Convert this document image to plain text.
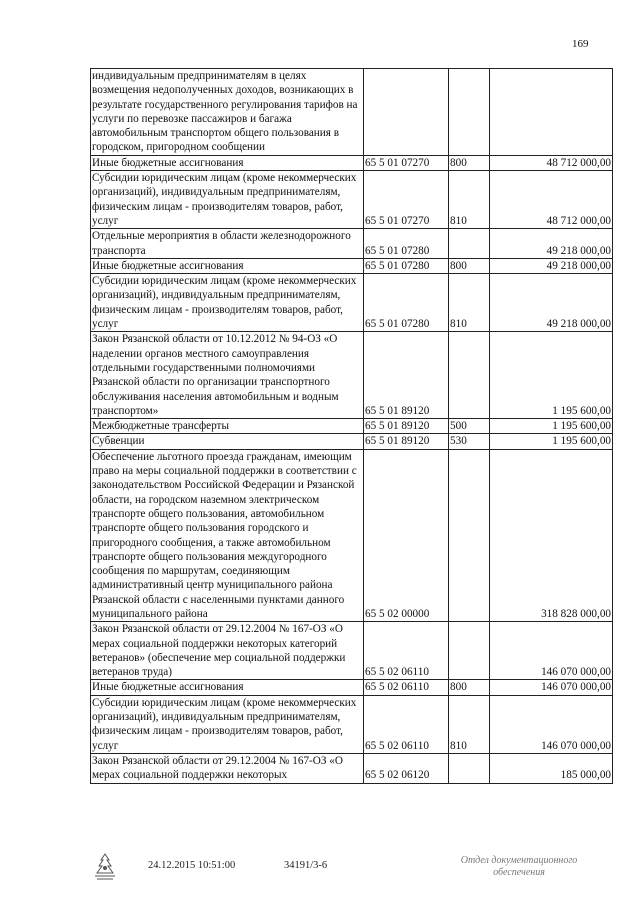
169
индивидуальным предпринимателям в целях возмещения недополученных доходов, возникающих в результате государственного регулирования тарифов на услуги по перевозке пассажиров и багажа автомобильным транспортом общего пользования в городском, пригородном сообщении			
Иные бюджетные ассигнования	65 5 01 07270	800	48 712 000,00
Субсидии юридическим лицам (кроме некоммерческих организаций), индивидуальным предпринимателям, физическим лицам - производителям товаров, работ, услуг	65 5 01 07270	810	48 712 000,00
Отдельные мероприятия в области железнодорожного транспорта	65 5 01 07280		49 218 000,00
Иные бюджетные ассигнования	65 5 01 07280	800	49 218 000,00
Субсидии юридическим лицам (кроме некоммерческих организаций), индивидуальным предпринимателям, физическим лицам - производителям товаров, работ, услуг	65 5 01 07280	810	49 218 000,00
Закон Рязанской области от 10.12.2012 № 94-ОЗ «О наделении органов местного самоуправления отдельными государственными полномочиями Рязанской области по организации транспортного обслуживания населения автомобильным и водным транспортом»	65 5 01 89120		1 195 600,00
Межбюджетные трансферты	65 5 01 89120	500	1 195 600,00
Субвенции	65 5 01 89120	530	1 195 600,00
Обеспечение льготного проезда гражданам, имеющим право на меры социальной поддержки в соответствии с законодательством Российской Федерации и Рязанской области, на городском наземном электрическом транспорте общего пользования, автомобильном транспорте общего пользования городского и пригородного сообщения, а также автомобильном транспорте общего пользования междугородного сообщения по маршрутам, соединяющим административный центр муниципального района Рязанской области с населенными пунктами данного муниципального района	65 5 02 00000		318 828 000,00
Закон Рязанской области от 29.12.2004 № 167-ОЗ «О мерах социальной поддержки некоторых категорий ветеранов» (обеспечение мер социальной поддержки ветеранов труда)	65 5 02 06110		146 070 000,00
Иные бюджетные ассигнования	65 5 02 06110	800	146 070 000,00
Субсидии юридическим лицам (кроме некоммерческих организаций), индивидуальным предпринимателям, физическим лицам - производителям товаров, работ, услуг	65 5 02 06110	810	146 070 000,00
Закон Рязанской области от 29.12.2004 № 167-ОЗ «О мерах социальной поддержки некоторых	65 5 02 06120		185 000,00
24.12.2015 10:51:00	34191/3-6	Отдел документационного
обеспечения
